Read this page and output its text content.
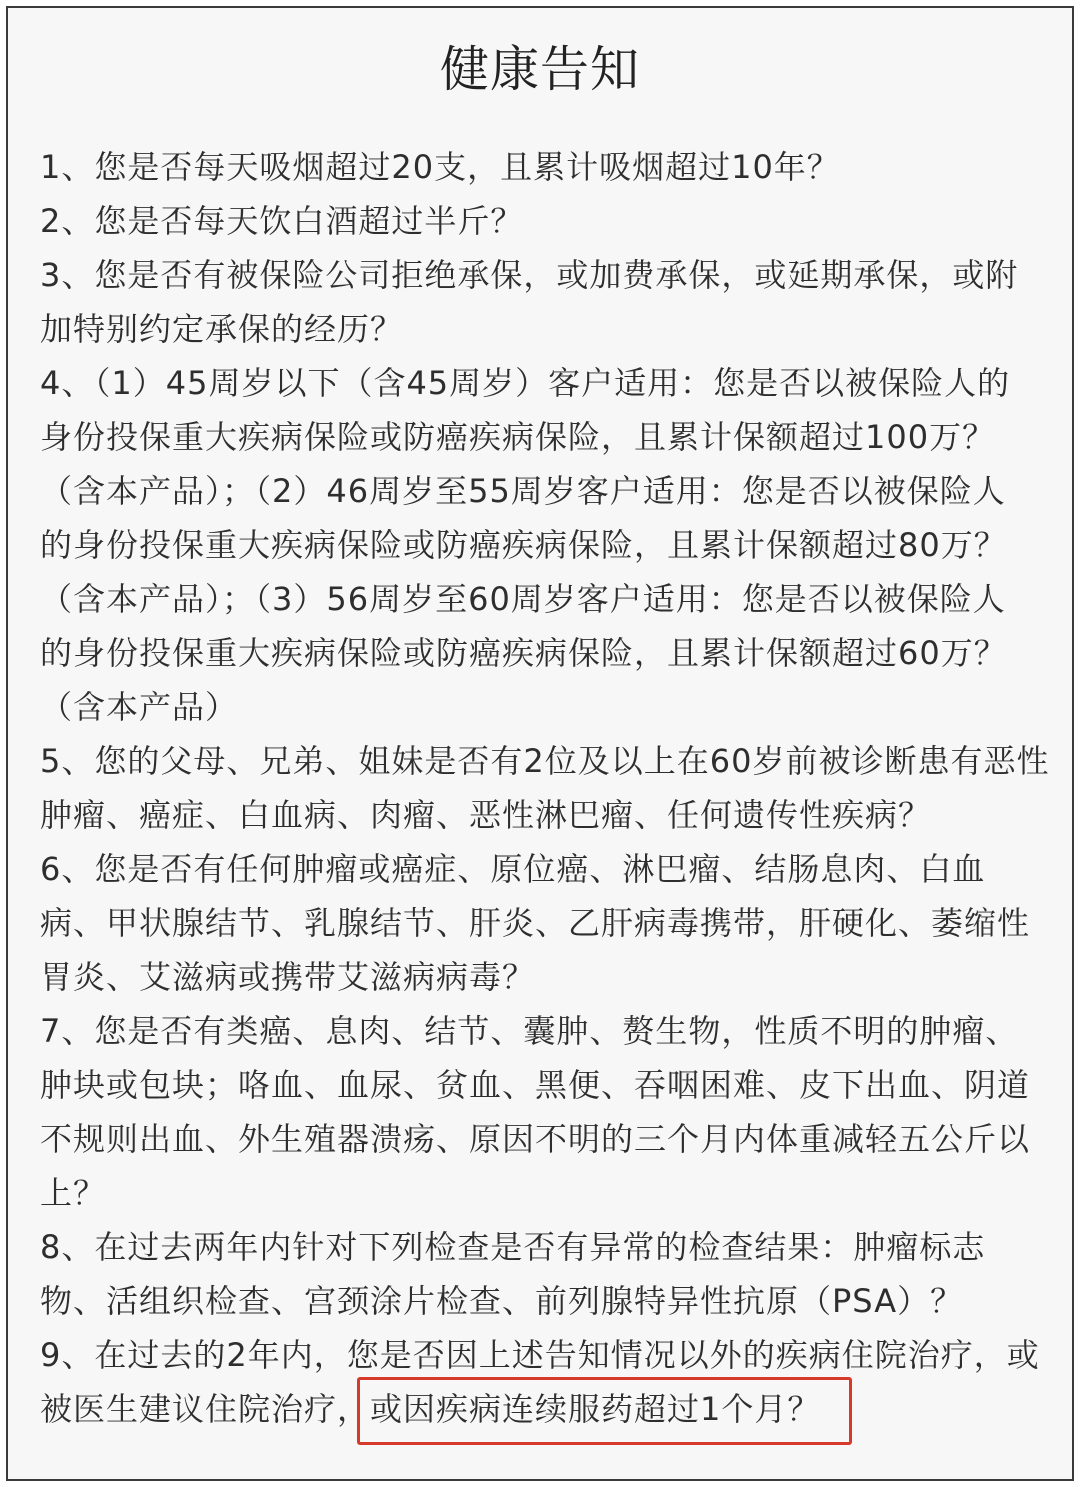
健康告知
1、您是否每天吸烟超过20支，且累计吸烟超过10年？
2、您是否每天饮白酒超过半斤？
3、您是否有被保险公司拒绝承保，或加费承保，或延期承保，或附
加特别约定承保的经历？
4、（1）45周岁以下（含45周岁）客户适用：您是否以被保险人的
身份投保重大疾病保险或防癌疾病保险，且累计保额超过100万？
（含本产品）；（2）46周岁至55周岁客户适用：您是否以被保险人
的身份投保重大疾病保险或防癌疾病保险，且累计保额超过80万？
（含本产品）；（3）56周岁至60周岁客户适用：您是否以被保险人
的身份投保重大疾病保险或防癌疾病保险，且累计保额超过60万？
（含本产品）
5、您的父母、兄弟、姐妹是否有2位及以上在60岁前被诊断患有恶性
肿瘤、癌症、白血病、肉瘤、恶性淋巴瘤、任何遗传性疾病？
6、您是否有任何肿瘤或癌症、原位癌、淋巴瘤、结肠息肉、白血
病、甲状腺结节、乳腺结节、肝炎、乙肝病毒携带，肝硬化、萎缩性
胃炎、艾滋病或携带艾滋病病毒？
7、您是否有类癌、息肉、结节、囊肿、赘生物，性质不明的肿瘤、
肿块或包块；咯血、血尿、贫血、黑便、吞咽困难、皮下出血、阴道
不规则出血、外生殖器溃疡、原因不明的三个月内体重减轻五公斤以
上？
8、在过去两年内针对下列检查是否有异常的检查结果：肿瘤标志
物、活组织检查、宫颈涂片检查、前列腺特异性抗原（PSA）？
9、在过去的2年内，您是否因上述告知情况以外的疾病住院治疗，或
被医生建议住院治疗，或因疾病连续服药超过1个月？
